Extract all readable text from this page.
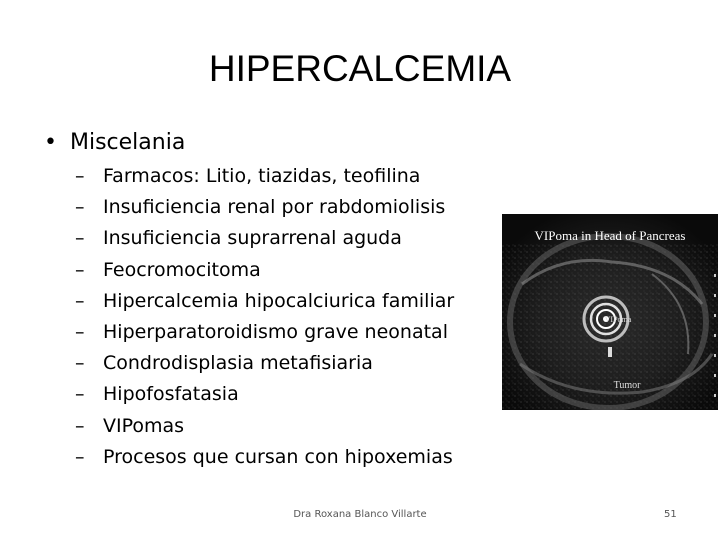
HIPERCALCEMIA
• Miscelania
– Farmacos: Litio, tiazidas, teofilina
– Insuficiencia renal por rabdomiolisis
– Insuficiencia suprarrenal aguda
– Feocromocitoma
– Hipercalcemia hipocalciurica familiar
– Hiperparatoroidismo grave neonatal
– Condrodisplasia metafisiaria
– Hipofosfatasia
– VIPomas
– Procesos que cursan con hipoxemias
VIPoma in Head of Pancreas
VIPoma
Tumor
Dra Roxana Blanco Villarte	51
